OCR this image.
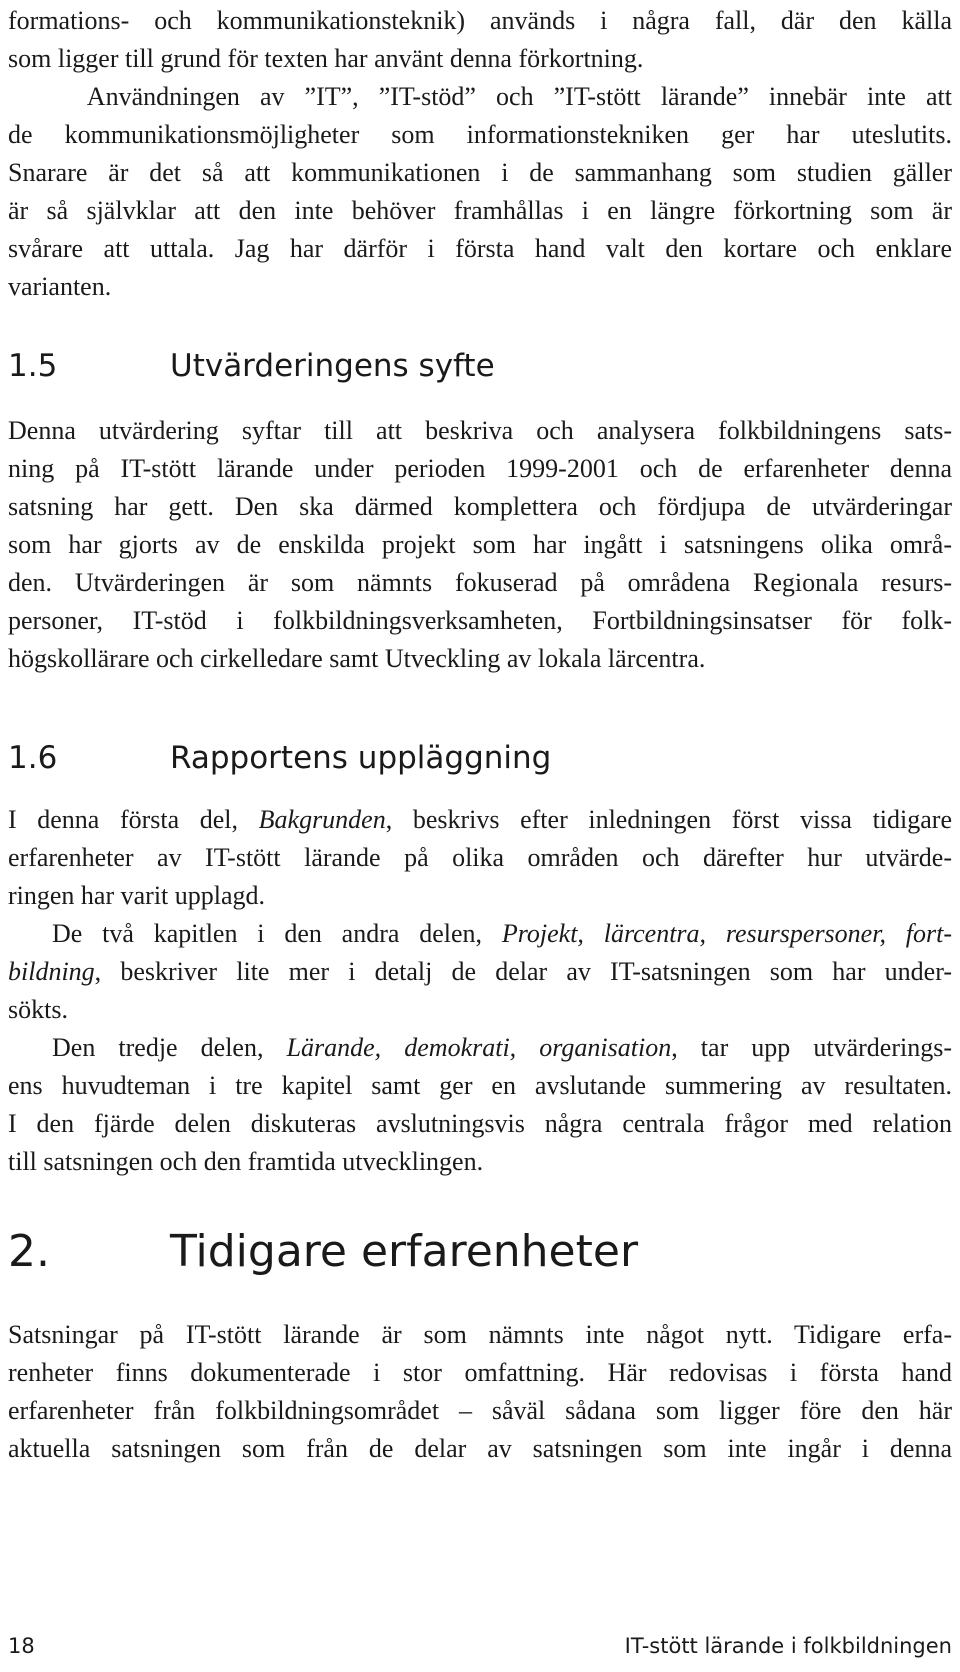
formations- och kommunikationsteknik) används i några fall, där den källa

som ligger till grund för texten har använt denna förkortning.

Användningen av ”IT”, ”IT-stöd” och ”IT-stött lärande” innebär inte att

de kommunikationsmöjligheter som informationstekniken ger har uteslutits.

Snarare är det så att kommunikationen i de sammanhang som studien gäller

är så självklar att den inte behöver framhållas i en längre förkortning som är

svårare att uttala. Jag har därför i första hand valt den kortare och enklare

varianten.

1.5	Utvärderingens syfte

Denna utvärdering syftar till att beskriva och analysera folkbildningens sats-

ning på IT-stött lärande under perioden 1999-2001 och de erfarenheter denna

satsning har gett. Den ska därmed komplettera och fördjupa de utvärderingar

som har gjorts av de enskilda projekt som har ingått i satsningens olika områ-

den. Utvärderingen är som nämnts fokuserad på områdena Regionala resurs-

personer, IT-stöd i folkbildningsverksamheten, Fortbildningsinsatser för folk-

högskollärare och cirkelledare samt Utveckling av lokala lärcentra.

1.6	Rapportens uppläggning

I denna första del, Bakgrunden, beskrivs efter inledningen först vissa tidigare

erfarenheter av IT-stött lärande på olika områden och därefter hur utvärde-

ringen har varit upplagd.

De två kapitlen i den andra delen, Projekt, lärcentra, resurspersoner, fort-

bildning, beskriver lite mer i detalj de delar av IT-satsningen som har under-

sökts.

Den tredje delen, Lärande, demokrati, organisation, tar upp utvärderings-

ens huvudteman i tre kapitel samt ger en avslutande summering av resultaten.

I den fjärde delen diskuteras avslutningsvis några centrala frågor med relation

till satsningen och den framtida utvecklingen.

2.	Tidigare erfarenheter

Satsningar på IT-stött lärande är som nämnts inte något nytt. Tidigare erfa-

renheter finns dokumenterade i stor omfattning. Här redovisas i första hand

erfarenheter från folkbildningsområdet – såväl sådana som ligger före den här

aktuella satsningen som från de delar av satsningen som inte ingår i denna

18	IT-stött lärande i folkbildningen
